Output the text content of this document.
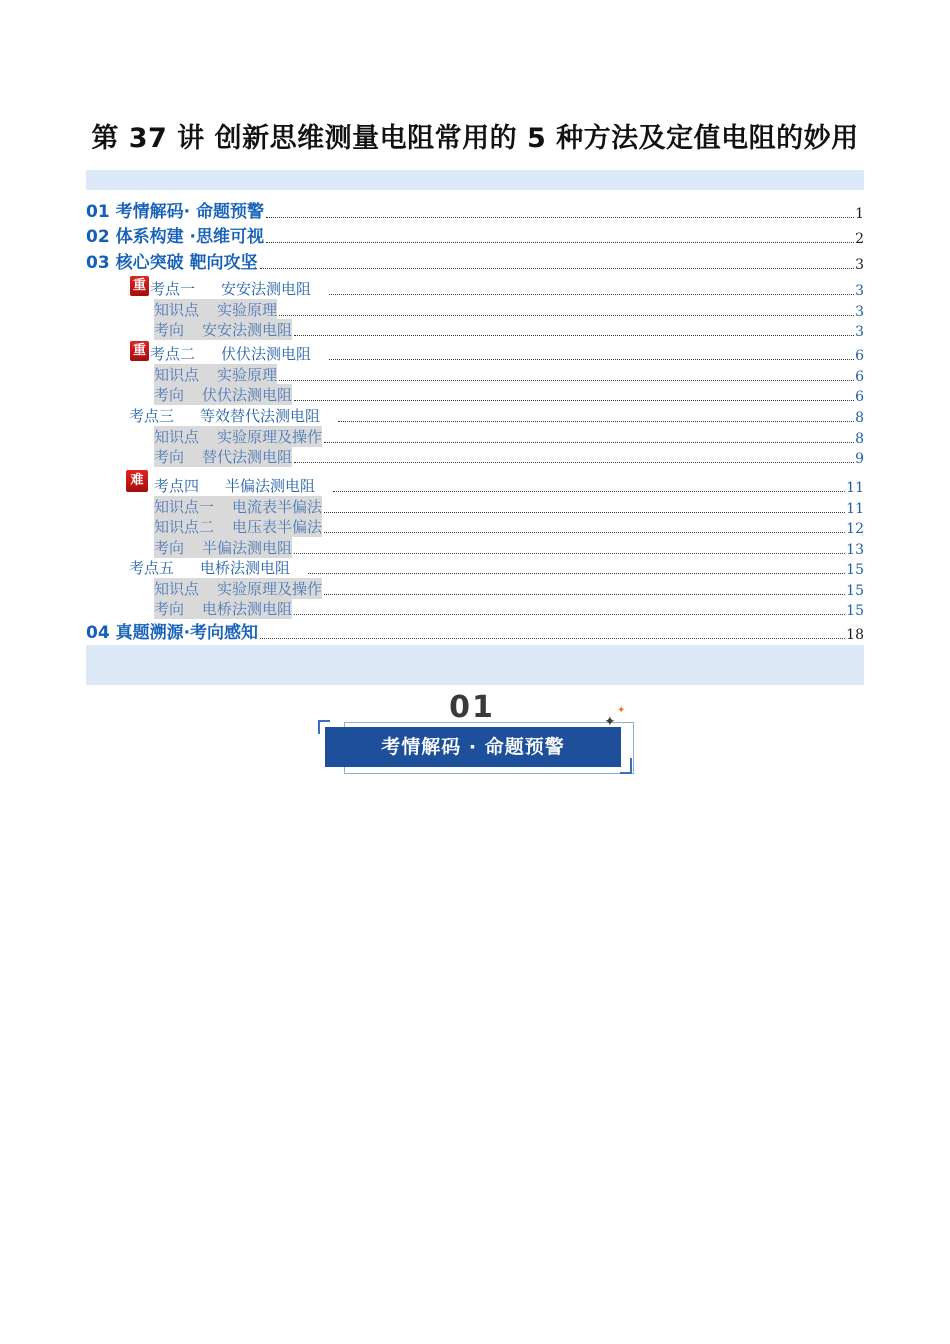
第 37 讲 创新思维测量电阻常用的 5 种方法及定值电阻的妙用
01 考情解码· 命题预警	1
02 体系构建 ·思维可视	2
03 核心突破 靶向攻坚	3
重 考点一 安安法测电阻	3
知识点 实验原理	3
考向 安安法测电阻	3
重 考点二 伏伏法测电阻	6
知识点 实验原理	6
考向 伏伏法测电阻	6
考点三 等效替代法测电阻	8
知识点 实验原理及操作	8
考向 替代法测电阻	9
难 考点四 半偏法测电阻	11
知识点一 电流表半偏法	11
知识点二 电压表半偏法	12
考向 半偏法测电阻	13
考点五 电桥法测电阻	15
知识点 实验原理及操作	15
考向 电桥法测电阻	15
04 真题溯源·考向感知	18
01
考情解码 · 命题预警
✦
✦
